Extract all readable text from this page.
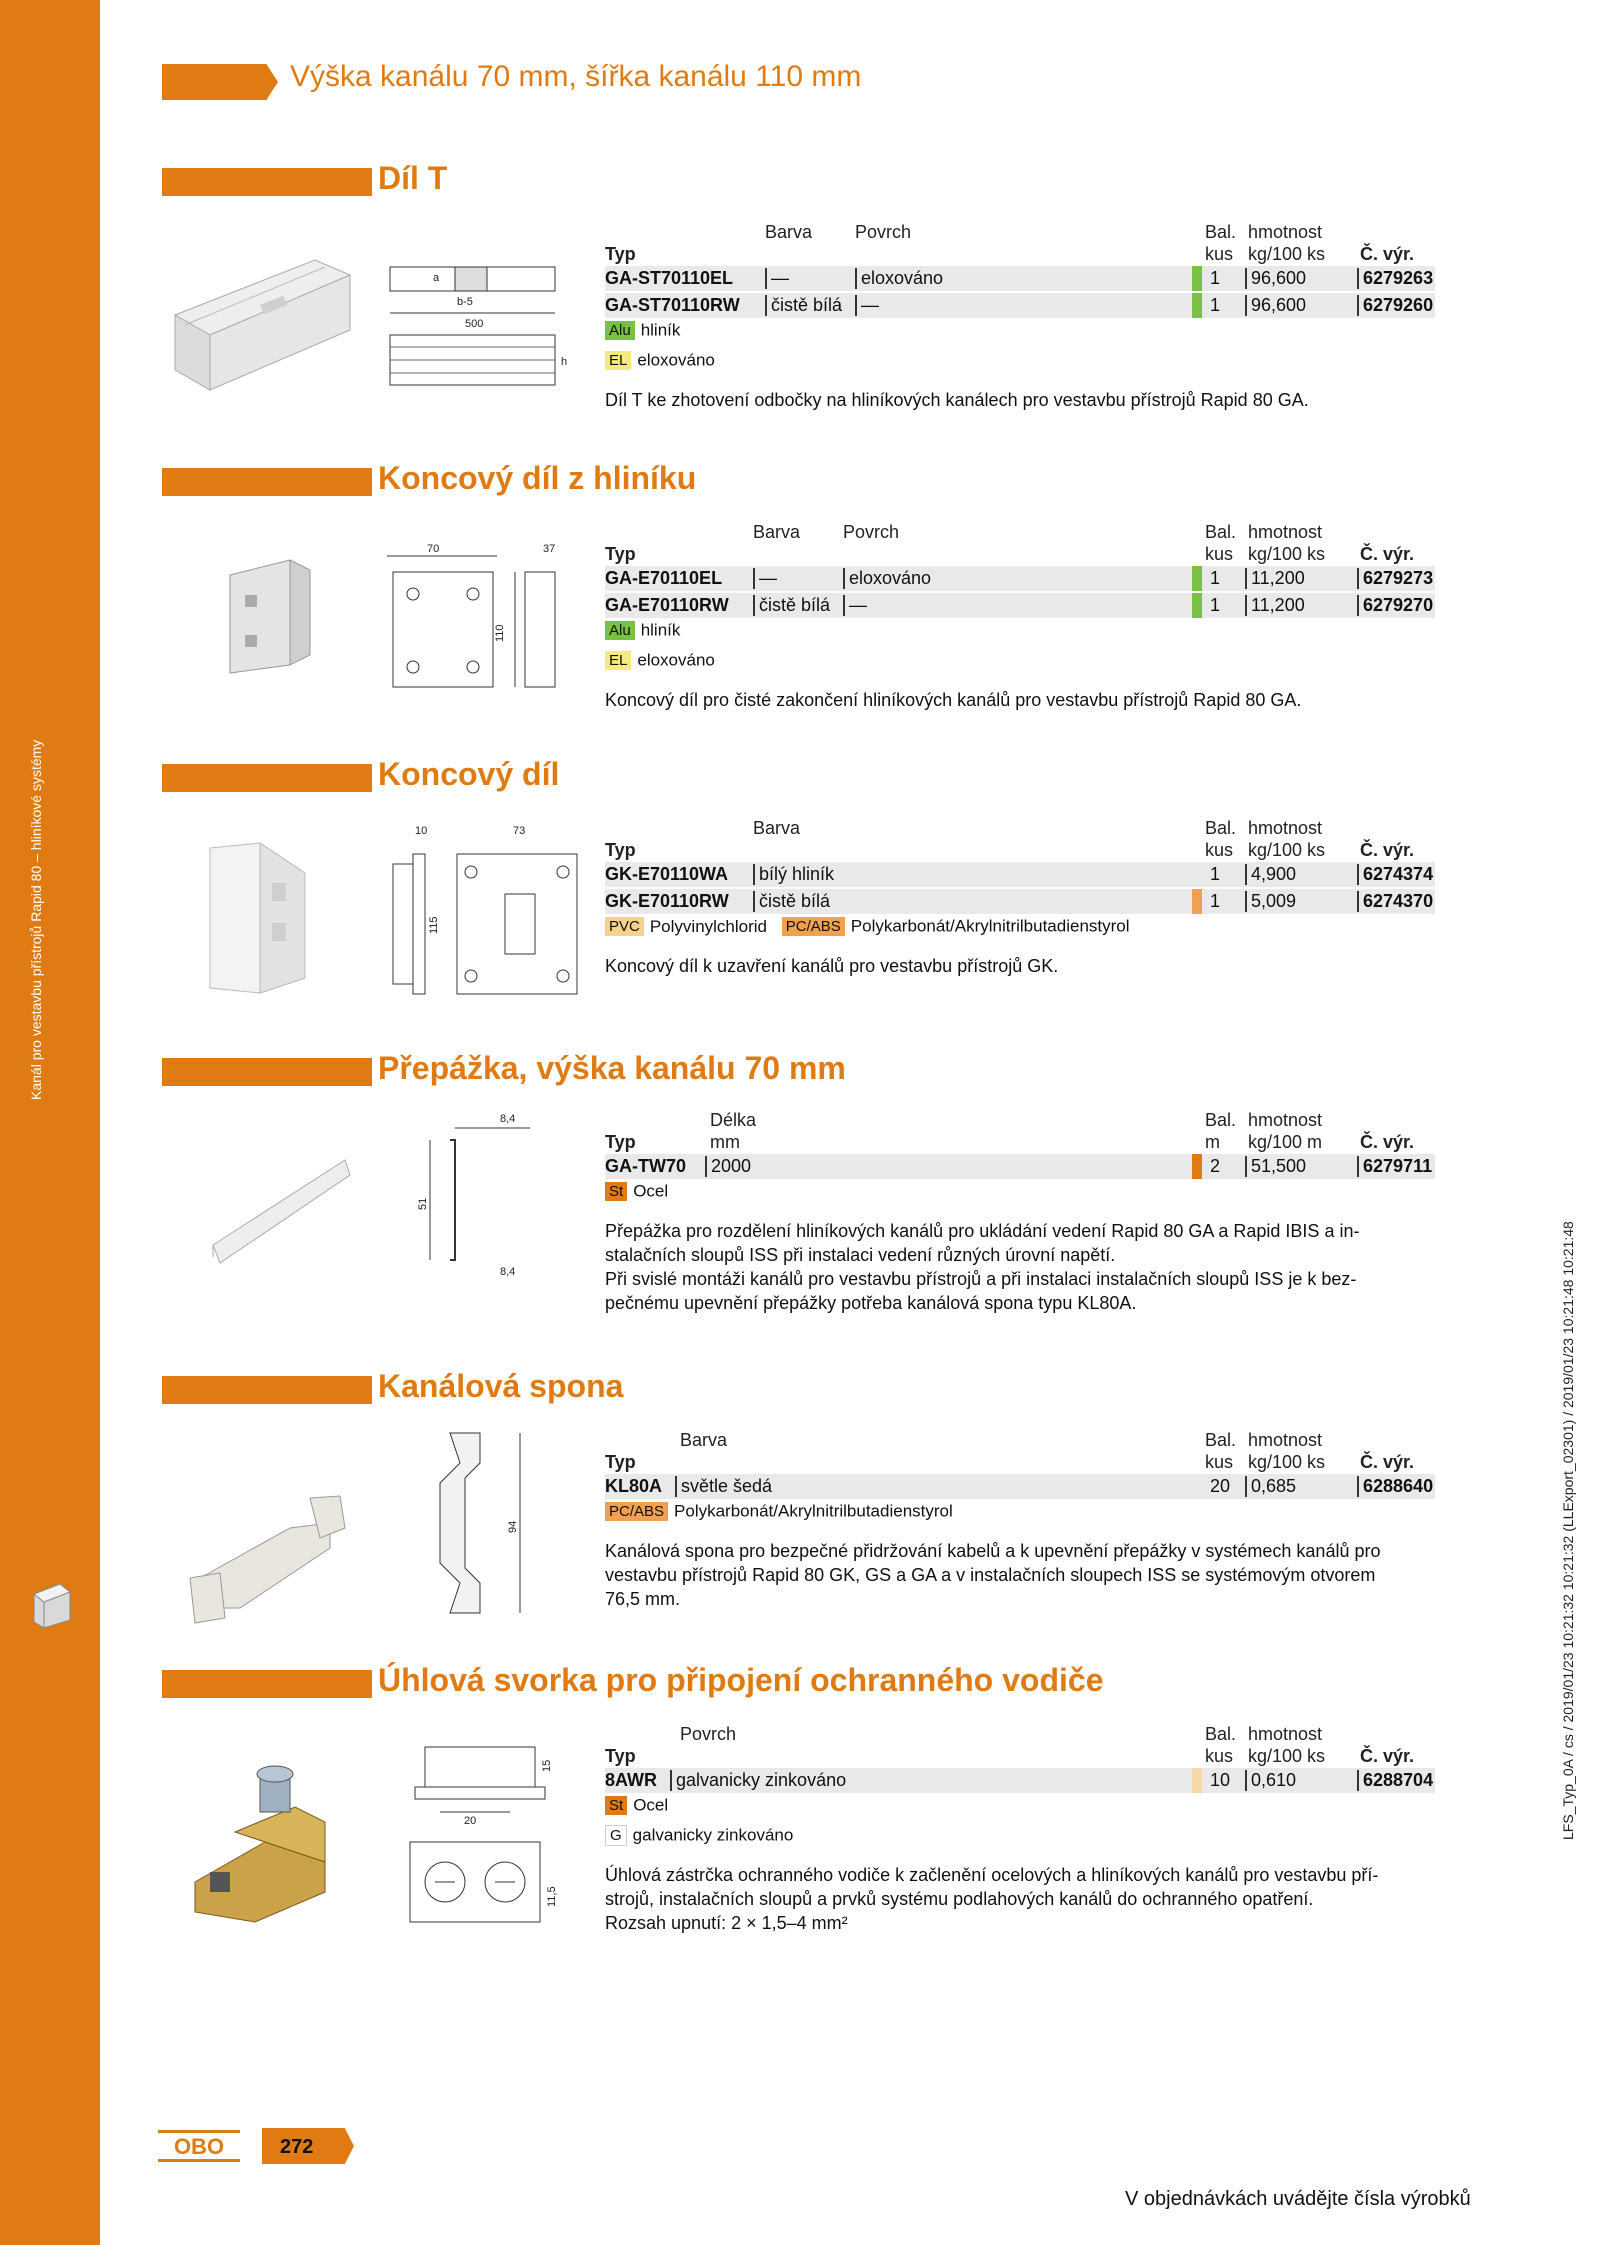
Kanál pro vestavbu přístrojů Rapid 80 – hliníkové systémy
Výška kanálu 70 mm, šířka kanálu 110 mm
Díl T
a
b-5
500
h
Barva Povrch	Bal. hmotnost
Typ	kus kg/100 ks Č. výr.
GA-ST70110EL	—	eloxováno	1	96,600	6279263
GA-ST70110RW	čistě bílá	—	1	96,600	6279260
Alu hliník
EL eloxováno
Díl T ke zhotovení odbočky na hliníkových kanálech pro vestavbu přístrojů Rapid 80 GA.
Koncový díl z hliníku
70	37
110
Barva Povrch	Bal. hmotnost
Typ	kus kg/100 ks Č. výr.
GA-E70110EL	—	eloxováno	1	11,200	6279273
GA-E70110RW	čistě bílá	—	1	11,200	6279270
Alu hliník
EL eloxováno
Koncový díl pro čisté zakončení hliníkových kanálů pro vestavbu přístrojů Rapid 80 GA.
Koncový díl
10	73
115
Barva	Bal. hmotnost
Typ	kus kg/100 ks Č. výr.
GK-E70110WA	bílý hliník	1	4,900	6274374
GK-E70110RW	čistě bílá	1	5,009	6274370
PVC Polyvinylchlorid PC/ABS Polykarbonát/Akrylnitrilbutadienstyrol
Koncový díl k uzavření kanálů pro vestavbu přístrojů GK.
Přepážka, výška kanálu 70 mm
8,4
51
8,4
Délka	Bal. hmotnost
Typ	mm	m kg/100 m Č. výr.
GA-TW70	2000	2	51,500	6279711
St Ocel
Přepážka pro rozdělení hliníkových kanálů pro ukládání vedení Rapid 80 GA a Rapid IBIS a in-
stalačních sloupů ISS při instalaci vedení různých úrovní napětí.
Při svislé montáži kanálů pro vestavbu přístrojů a při instalaci instalačních sloupů ISS je k bez-
pečnému upevnění přepážky potřeba kanálová spona typu KL80A.
Kanálová spona
94
Barva	Bal. hmotnost
Typ	kus kg/100 ks Č. výr.
KL80A	světle šedá	20	0,685	6288640
PC/ABS Polykarbonát/Akrylnitrilbutadienstyrol
Kanálová spona pro bezpečné přidržování kabelů a k upevnění přepážky v systémech kanálů pro
vestavbu přístrojů Rapid 80 GK, GS a GA a v instalačních sloupech ISS se systémovým otvorem
76,5 mm.
Úhlová svorka pro připojení ochranného vodiče
15
20
11,5
Povrch	Bal. hmotnost
Typ	kus kg/100 ks Č. výr.
8AWR	galvanicky zinkováno	10	0,610	6288704
St Ocel
G galvanicky zinkováno
Úhlová zástrčka ochranného vodiče k začlenění ocelových a hliníkových kanálů pro vestavbu pří-
strojů, instalačních sloupů a prvků systému podlahových kanálů do ochranného opatření.
Rozsah upnutí: 2 × 1,5–4 mm²
LFS_Typ_0A / cs / 2019/01/23 10:21:32 10:21:32 (LLExport_02301) / 2019/01/23 10:21:48 10:21:48
OBO	272
V objednávkách uvádějte čísla výrobků
